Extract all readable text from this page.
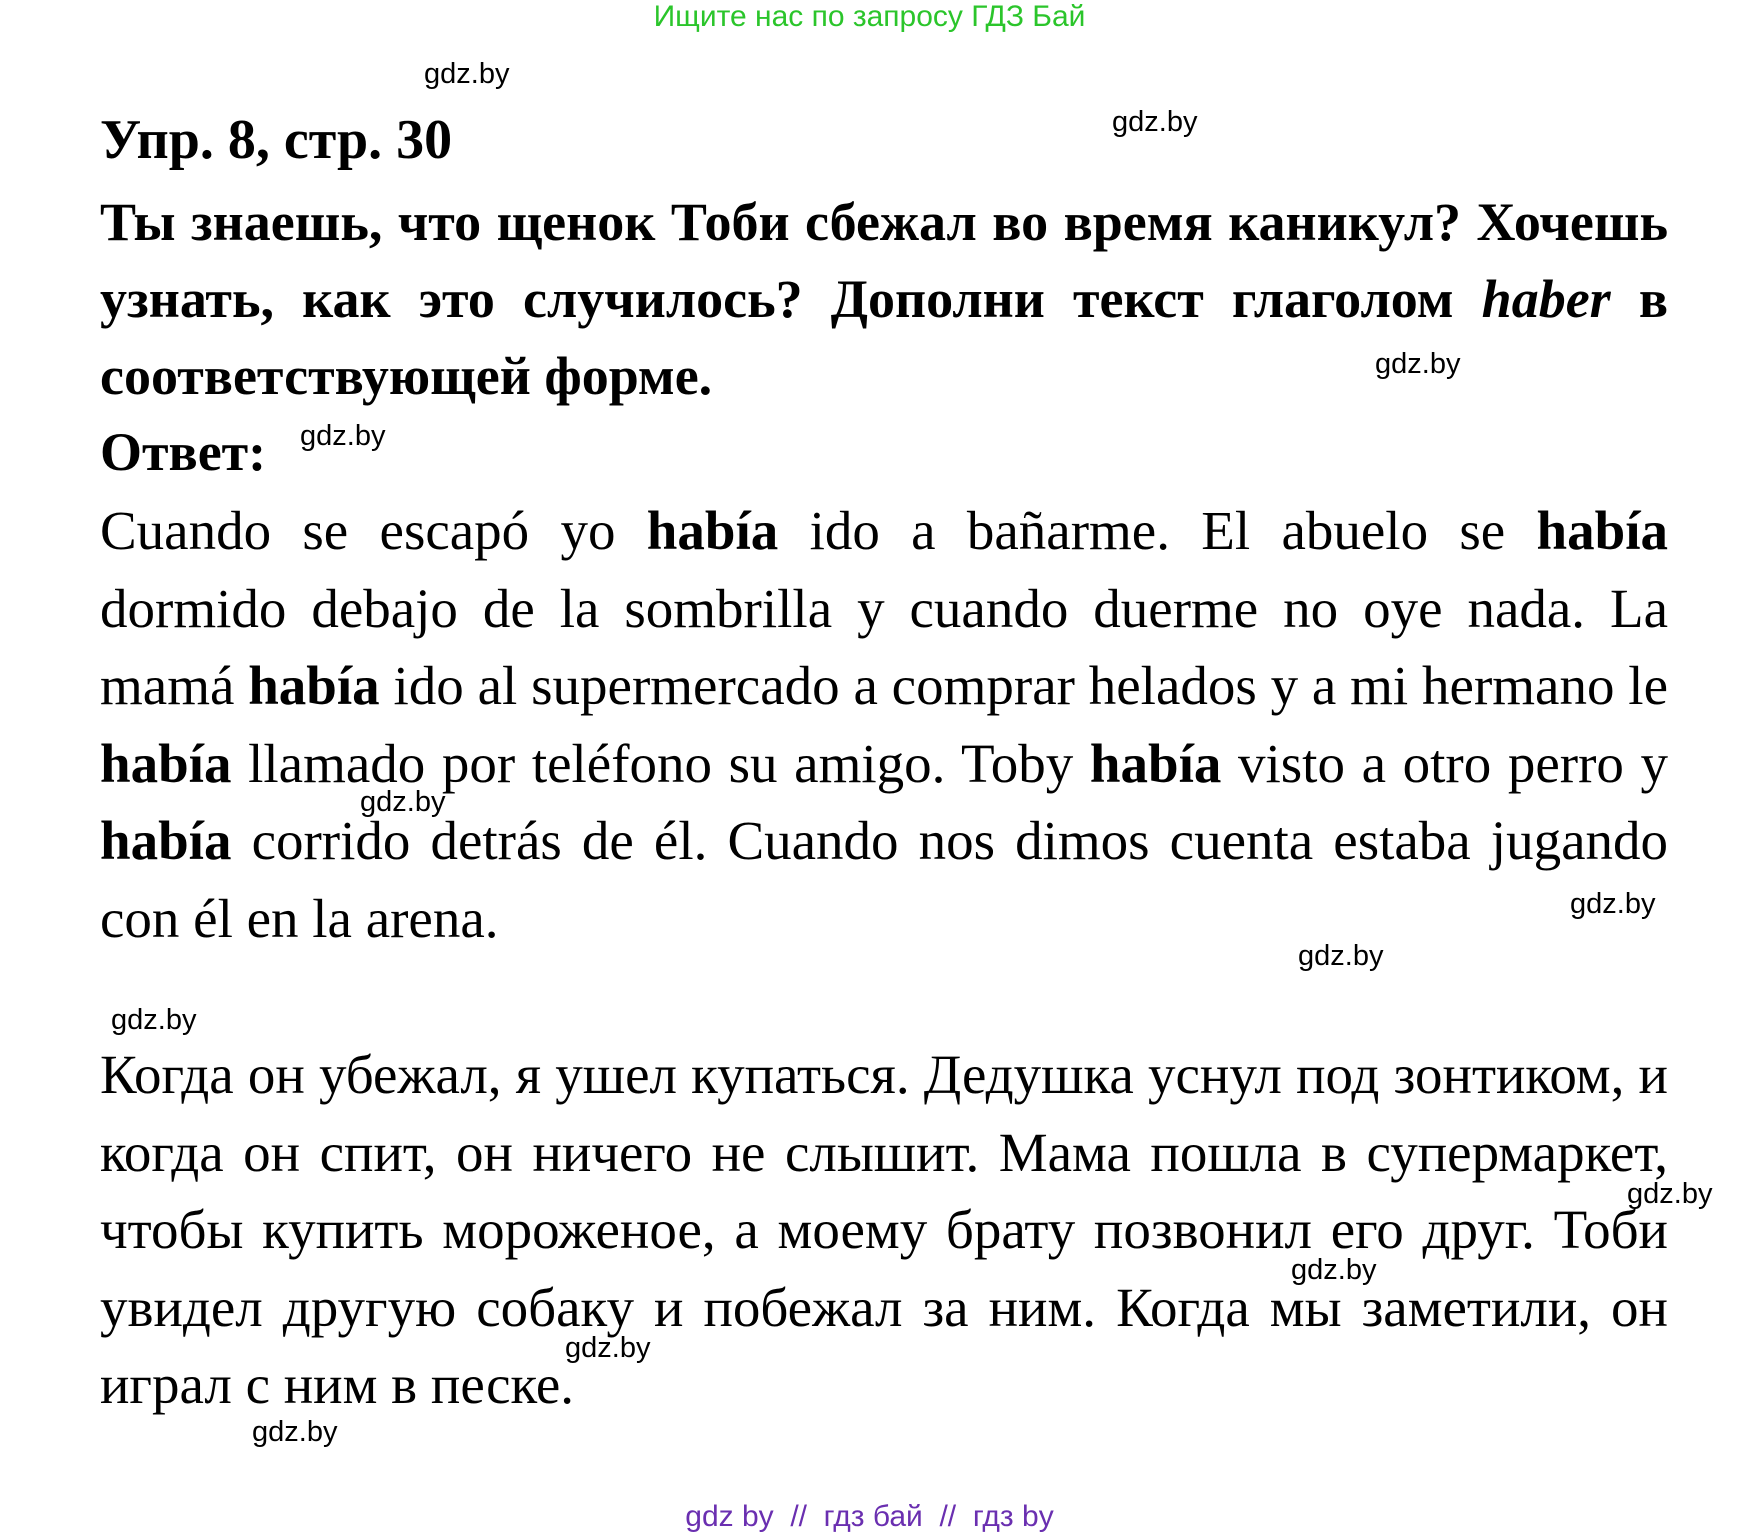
Ищите нас по запросу ГДЗ Бай
gdz.by
gdz.by
gdz.by
gdz.by
gdz.by
gdz.by
gdz.by
gdz.by
gdz.by
gdz.by
gdz.by
gdz.by
Упр. 8, стр. 30

Ты знаешь, что щенок Тоби сбежал во время каникул? Хочешь узнать, как это случилось? Дополни текст глаголом haber в соответствующей форме.

Ответ:

Cuando se escapó yo había ido a bañarme. El abuelo se había dormido debajo de la sombrilla y cuando duerme no oye nada. La mamá había ido al supermercado a comprar helados y a mi hermano le había llamado por teléfono su amigo. Toby había visto a otro perro y había corrido detrás de él. Cuando nos dimos cuenta estaba jugando con él en la arena.

Когда он убежал, я ушел купаться. Дедушка уснул под зонтиком, и когда он спит, он ничего не слышит. Мама пошла в супермаркет, чтобы купить мороженое, а моему брату позвонил его друг. Тоби увидел другую собаку и побежал за ним. Когда мы заметили, он играл с ним в песке.

gdz by  //  гдз бай  //  гдз by
